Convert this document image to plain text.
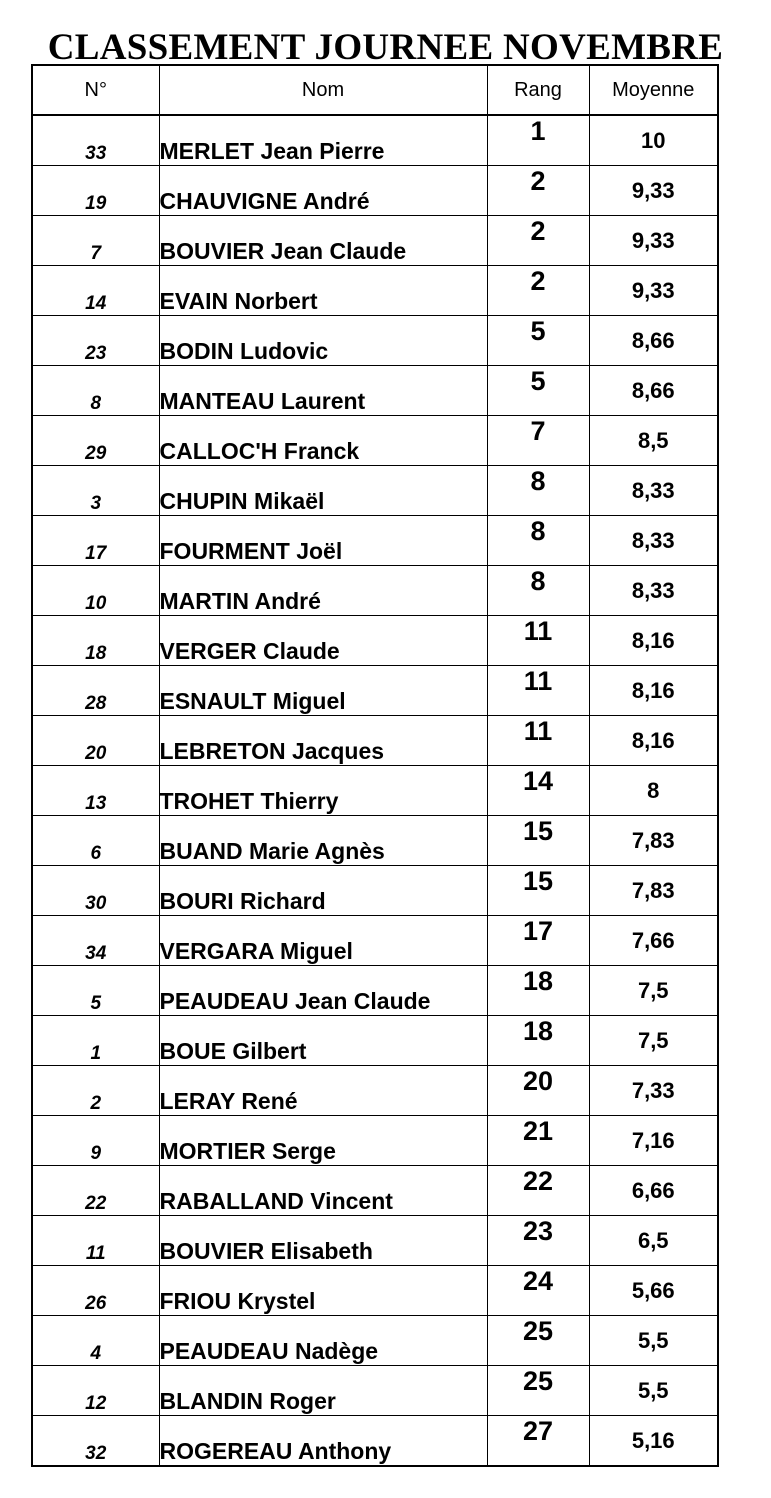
CLASSEMENT JOURNEE NOVEMBRE
N°	Nom	Rang	Moyenne
33	MERLET Jean Pierre	1	10
19	CHAUVIGNE André	2	9,33
7	BOUVIER Jean Claude	2	9,33
14	EVAIN Norbert	2	9,33
23	BODIN Ludovic	5	8,66
8	MANTEAU Laurent	5	8,66
29	CALLOC'H Franck	7	8,5
3	CHUPIN Mikaël	8	8,33
17	FOURMENT Joël	8	8,33
10	MARTIN André	8	8,33
18	VERGER Claude	11	8,16
28	ESNAULT Miguel	11	8,16
20	LEBRETON Jacques	11	8,16
13	TROHET Thierry	14	8
6	BUAND Marie Agnès	15	7,83
30	BOURI Richard	15	7,83
34	VERGARA Miguel	17	7,66
5	PEAUDEAU Jean Claude	18	7,5
1	BOUE Gilbert	18	7,5
2	LERAY René	20	7,33
9	MORTIER Serge	21	7,16
22	RABALLAND Vincent	22	6,66
11	BOUVIER Elisabeth	23	6,5
26	FRIOU Krystel	24	5,66
4	PEAUDEAU Nadège	25	5,5
12	BLANDIN Roger	25	5,5
32	ROGEREAU Anthony	27	5,16
